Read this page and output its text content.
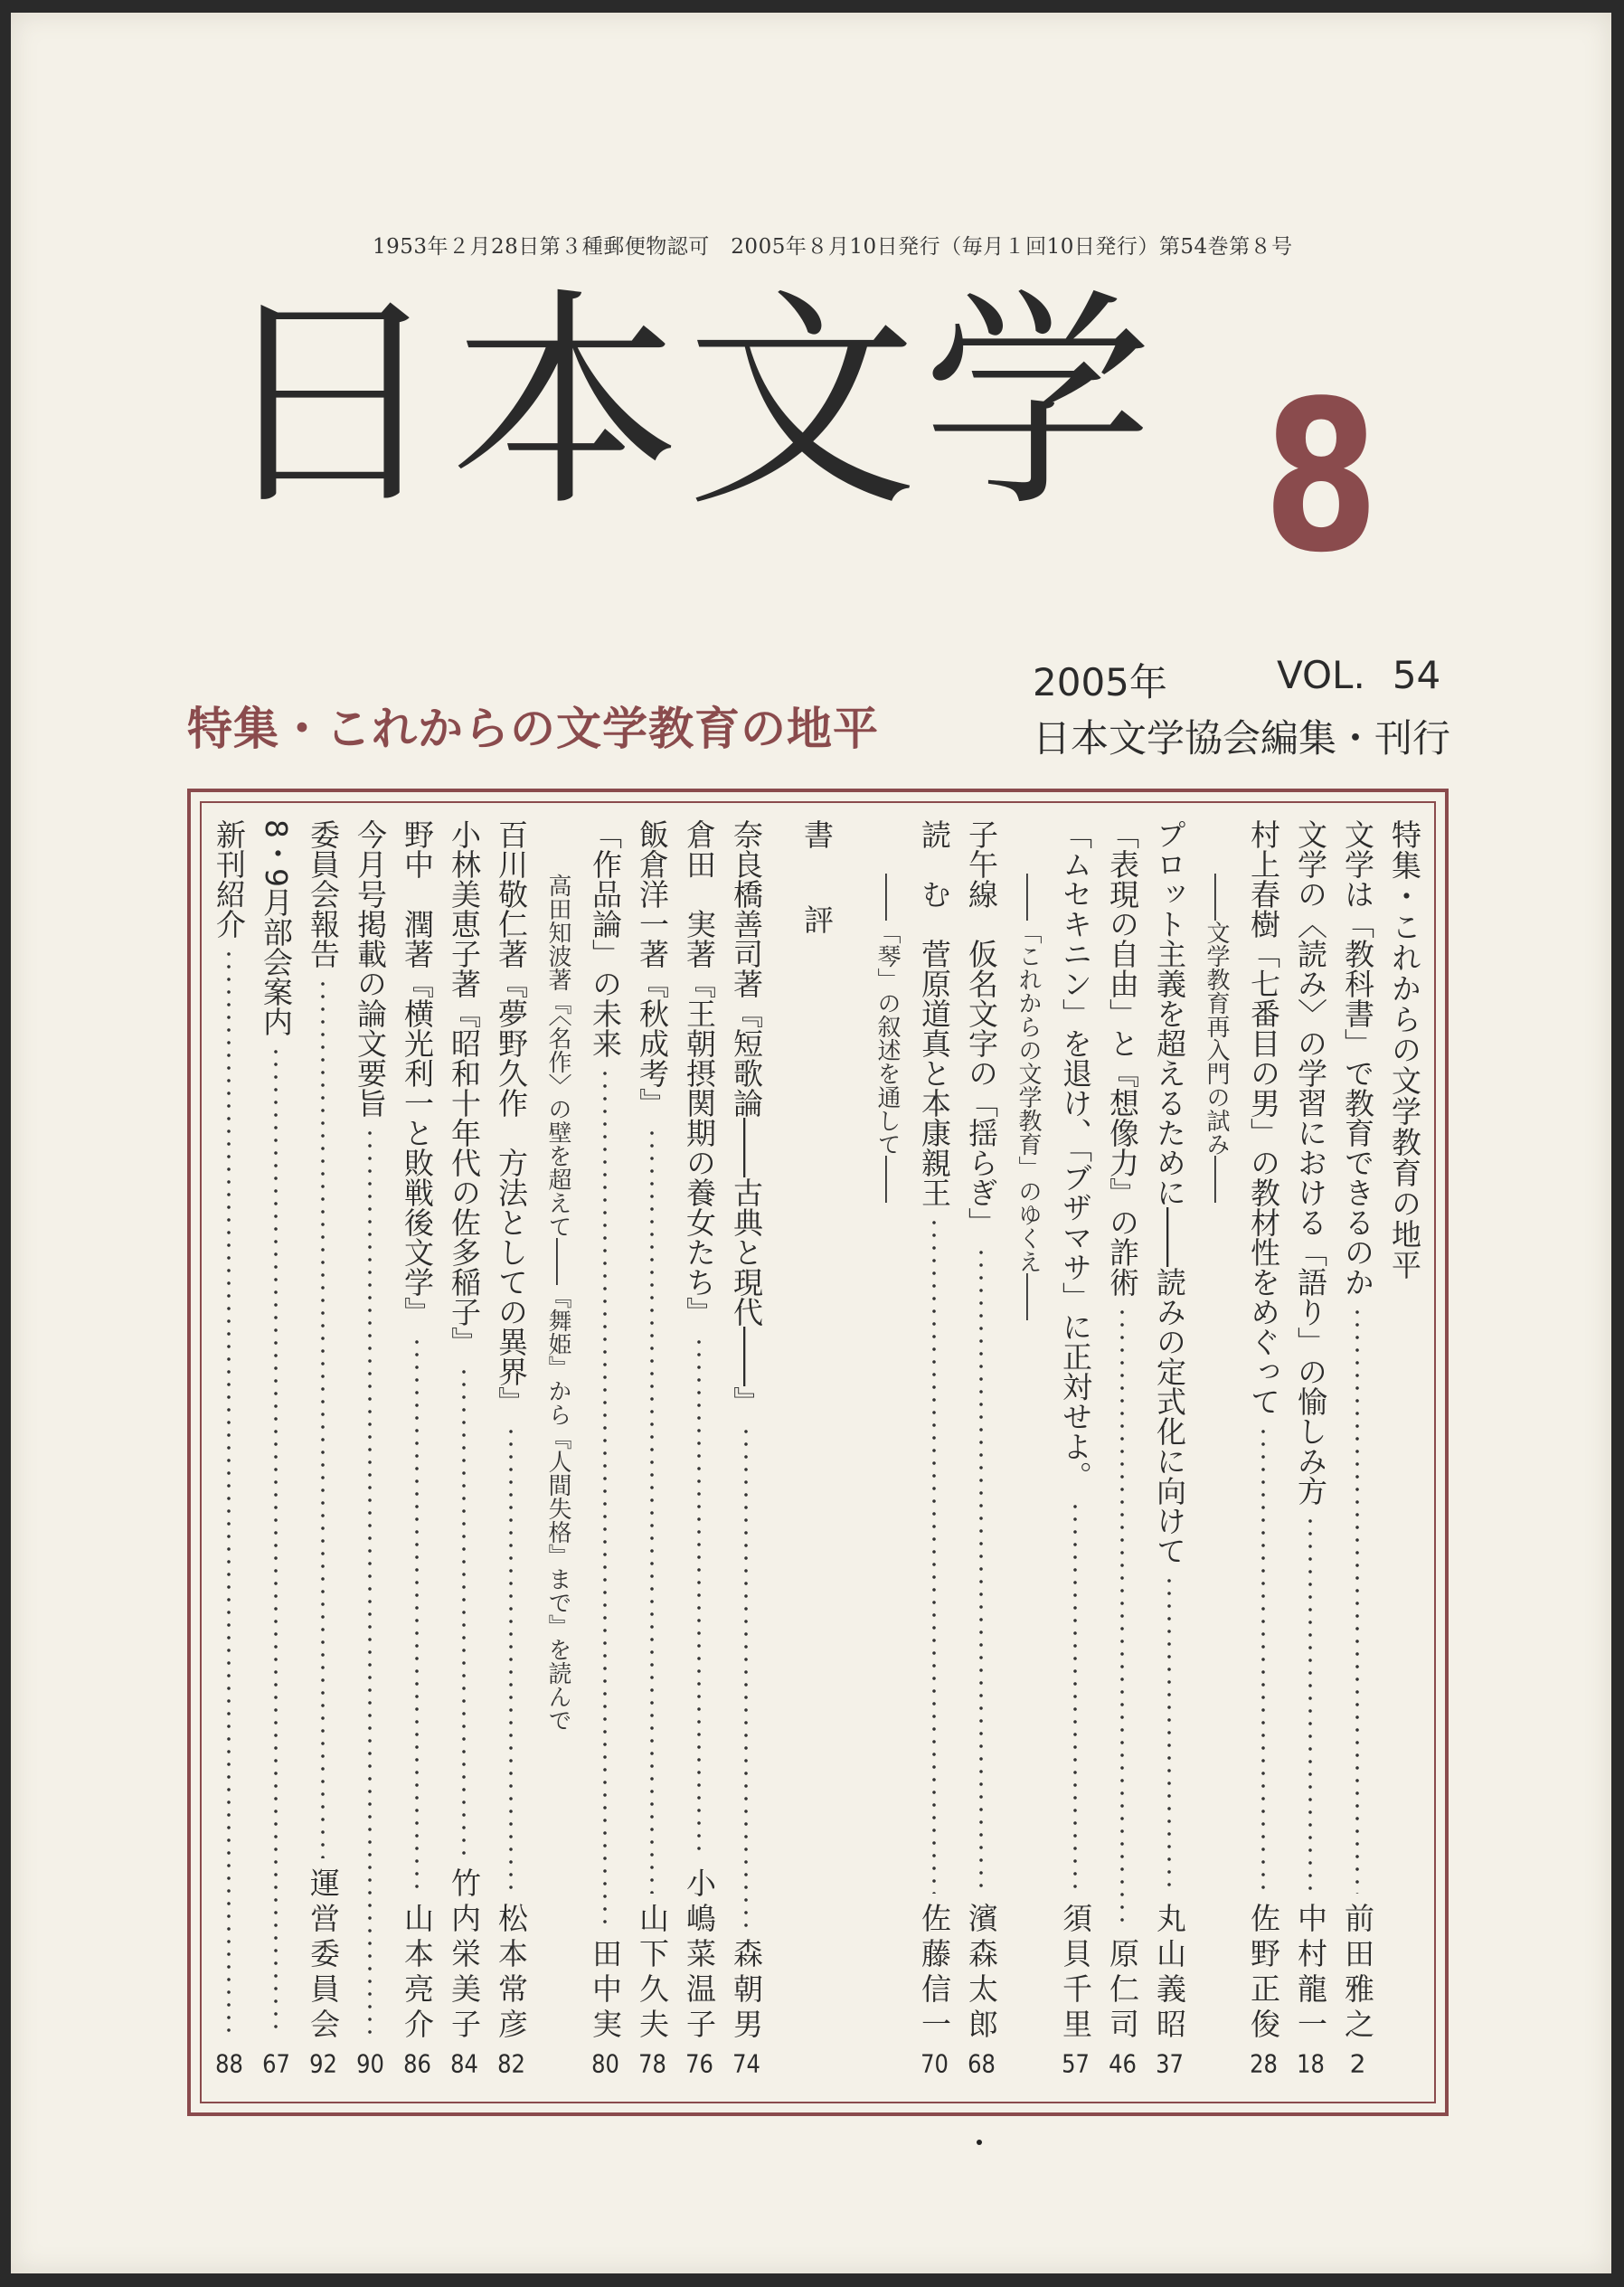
1953年２月28日第３種郵便物認可　2005年８月10日発行（毎月１回10日発行）第54巻第８号
日本文学 8
特集・これからの文学教育の地平
2005年	VOL. 54
日本文学協会編集・刊行
特集・これからの文学教育の地平
文学は「教科書」で教育できるのか
前田雅之
2
文学の〈読み〉の学習における「語り」の愉しみ方
中村龍一
18
村上春樹「七番目の男」の教材性をめぐって
佐野正俊
28
――文学教育再入門の試み――
プロット主義を超えるために――読みの定式化に向けて
丸山義昭
37
「表現の自由」と『想像力』の詐術
原仁司
46
「ムセキニン」を退け、「ブザマサ」に正対せよ。
須貝千里
57
――「これからの文学教育」のゆくえ――
子午線　仮名文字の「揺らぎ」
濱森太郎
68
読　む　菅原道真と本康親王
佐藤信一
70
――「琴」の叙述を通して――
書　評
奈良橋善司著『短歌論――古典と現代――』
森朝男
74
倉田　実著『王朝摂関期の養女たち』
小嶋菜温子
76
飯倉洋一著『秋成考』
山下久夫
78
「作品論」の未来
田中実
80
高田知波著『〈名作〉の壁を超えて――『舞姫』から『人間失格』まで』を読んで
百川敬仁著『夢野久作　方法としての異界』
松本常彦
82
小林美恵子著『昭和十年代の佐多稲子』
竹内栄美子
84
野中　潤著『横光利一と敗戦後文学』
山本亮介
86
今月号掲載の論文要旨
90
委員会報告
運営委員会
92
8・9月部会案内
67
新刊紹介
88
